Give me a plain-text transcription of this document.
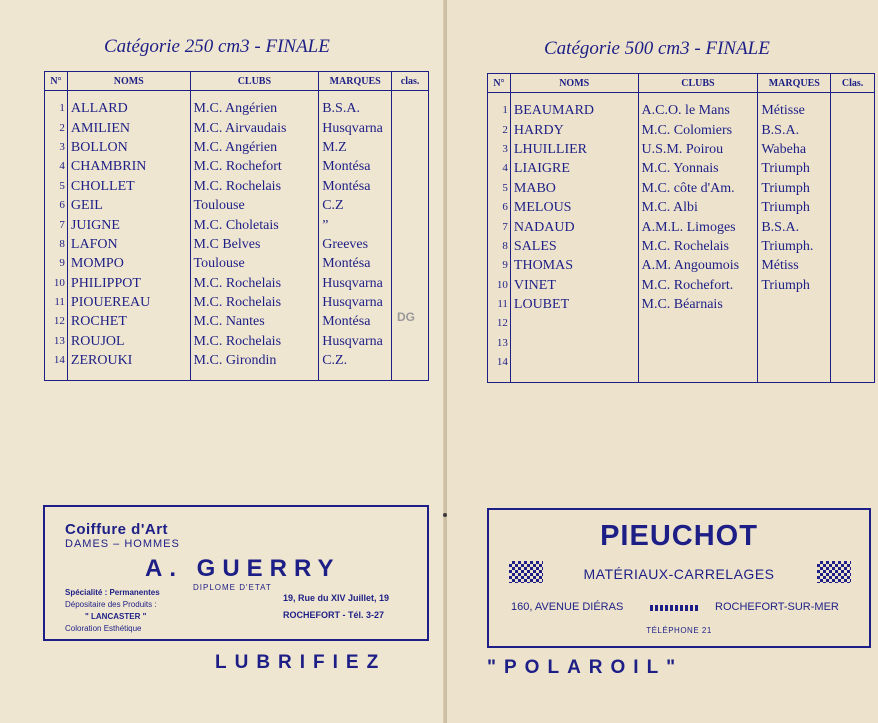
Catégorie 250 cm3 - FINALE
N°	NOMS	CLUBS	MARQUES	clas.
1	ALLARD	M.C. Angérien	B.S.A.	
2	AMILIEN	M.C. Airvaudais	Husqvarna	
3	BOLLON	M.C. Angérien	M.Z	
4	CHAMBRIN	M.C. Rochefort	Montésa	
5	CHOLLET	M.C. Rochelais	Montésa	
6	GEIL	Toulouse	C.Z	
7	JUIGNE	M.C. Choletais	”	
8	LAFON	M.C Belves	Greeves	
9	MOMPO	Toulouse	Montésa	
10	PHILIPPOT	M.C. Rochelais	Husqvarna	
11	PIOUEREAU	M.C. Rochelais	Husqvarna	
12	ROCHET	M.C. Nantes	Montésa	
13	ROUJOL	M.C. Rochelais	Husqvarna	
14	ZEROUKI	M.C. Girondin	C.Z.	
DG
Coiffure d'Art
DAMES – HOMMES
A. GUERRY
DIPLOME D'ETAT
Spécialité : Permanentes
Dépositaire des Produits :
" LANCASTER "
Coloration Esthétique
19, Rue du XIV Juillet, 19
ROCHEFORT - Tél. 3-27
LUBRIFIEZ
Catégorie 500 cm3 - FINALE
N°	NOMS	CLUBS	MARQUES	Clas.
1	BEAUMARD	A.C.O. le Mans	Métisse	
2	HARDY	M.C. Colomiers	B.S.A.	
3	LHUILLIER	U.S.M. Poirou	Wabeha	
4	LIAIGRE	M.C. Yonnais	Triumph	
5	MABO	M.C. côte d'Am.	Triumph	
6	MELOUS	M.C. Albi	Triumph	
7	NADAUD	A.M.L. Limoges	B.S.A.	
8	SALES	M.C. Rochelais	Triumph.	
9	THOMAS	A.M. Angoumois	Métiss	
10	VINET	M.C. Rochefort.	Triumph	
11	LOUBET	M.C. Béarnais		
12				
13				
14				
PIEUCHOT
MATÉRIAUX-CARRELAGES
160, AVENUE DIÉRAS	ROCHEFORT-SUR-MER
TÉLÉPHONE 21
"POLAROIL"
